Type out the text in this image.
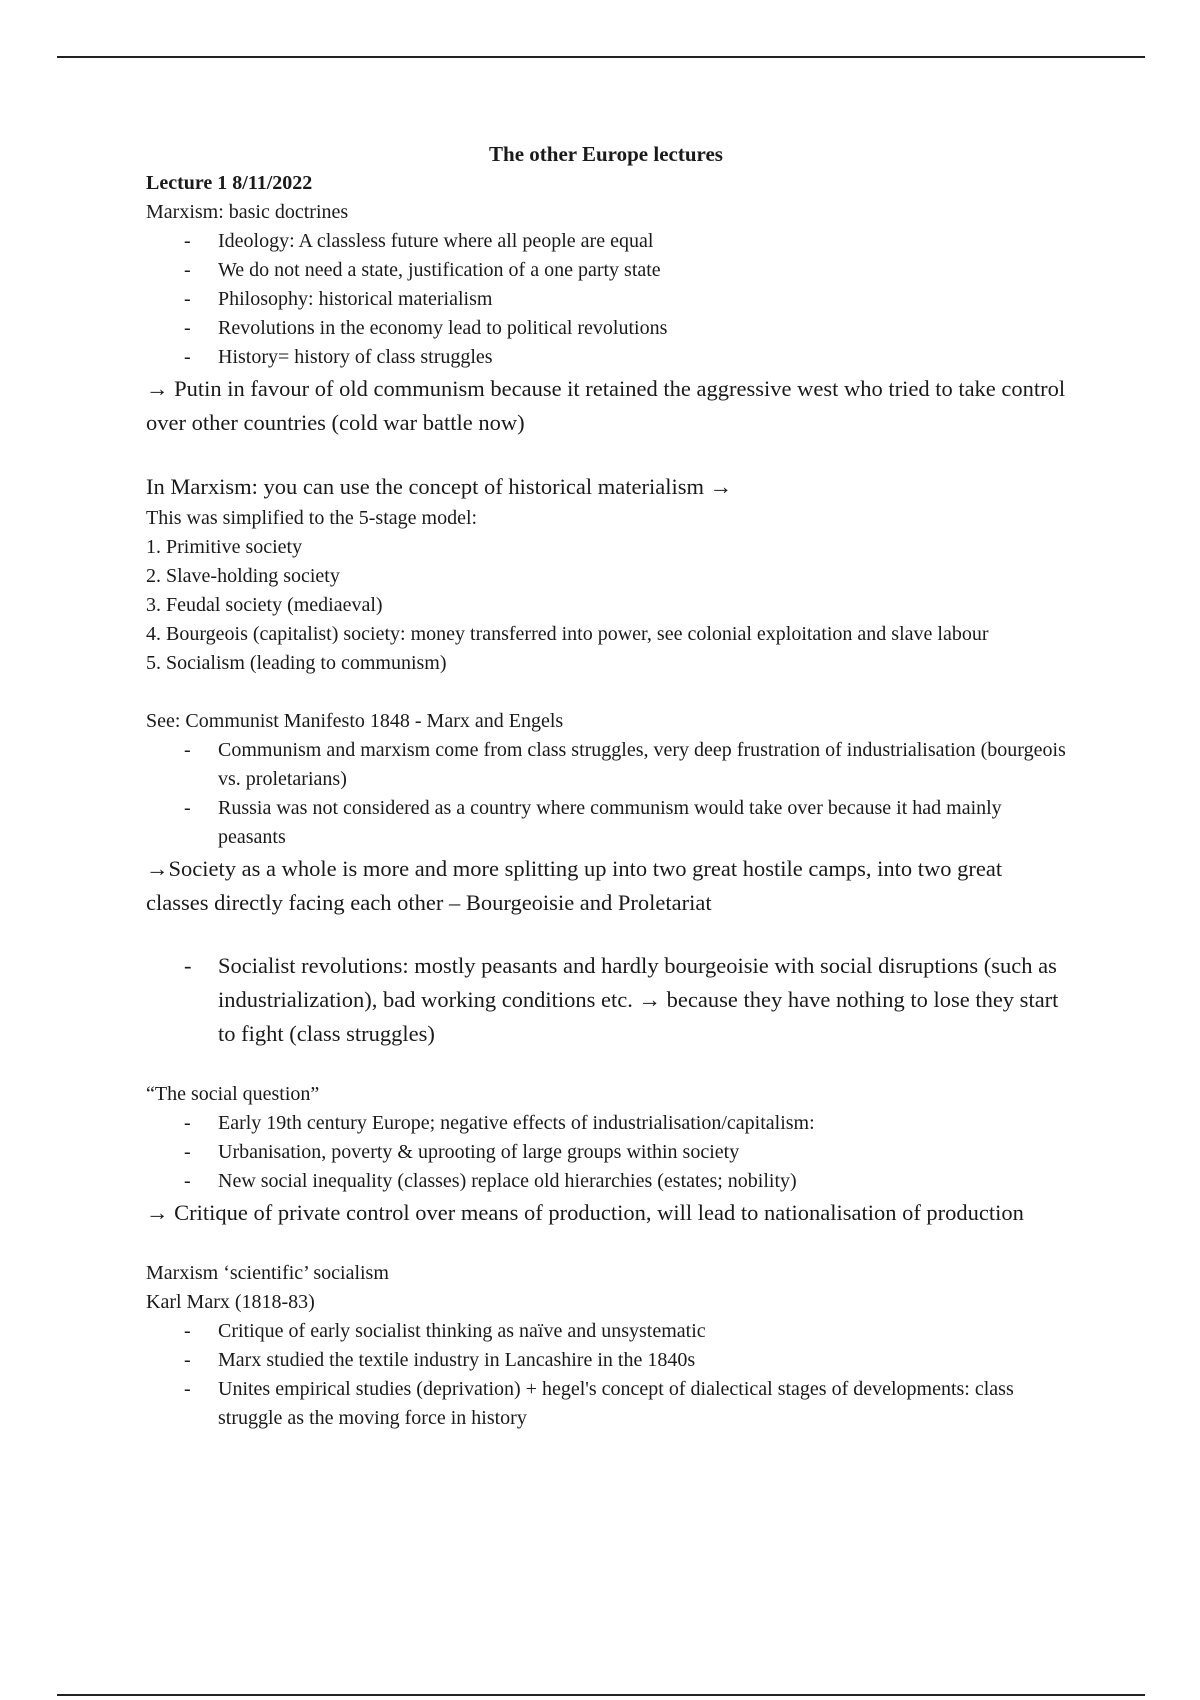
The other Europe lectures

Lecture 1 8/11/2022

Marxism: basic doctrines

- Ideology: A classless future where all people are equal
- We do not need a state, justification of a one party state
- Philosophy: historical materialism
- Revolutions in the economy lead to political revolutions
- History= history of class struggles

→ Putin in favour of old communism because it retained the aggressive west who tried to take control over other countries (cold war battle now)

In Marxism: you can use the concept of historical materialism →

This was simplified to the 5-stage model:

1. Primitive society
2. Slave-holding society
3. Feudal society (mediaeval)
4. Bourgeois (capitalist) society: money transferred into power, see colonial exploitation and slave labour
5. Socialism (leading to communism)

See: Communist Manifesto 1848 - Marx and Engels

- Communism and marxism come from class struggles, very deep frustration of industrialisation (bourgeois vs. proletarians)
- Russia was not considered as a country where communism would take over because it had mainly peasants

→Society as a whole is more and more splitting up into two great hostile camps, into two great classes directly facing each other – Bourgeoisie and Proletariat

- Socialist revolutions: mostly peasants and hardly bourgeoisie with social disruptions (such as industrialization), bad working conditions etc. → because they have nothing to lose they start to fight (class struggles)

“The social question”

- Early 19th century Europe; negative effects of industrialisation/capitalism:
- Urbanisation, poverty & uprooting of large groups within society
- New social inequality (classes) replace old hierarchies (estates; nobility)

→ Critique of private control over means of production, will lead to nationalisation of production

Marxism ‘scientific’ socialism

Karl Marx (1818-83)

- Critique of early socialist thinking as naïve and unsystematic
- Marx studied the textile industry in Lancashire in the 1840s
- Unites empirical studies (deprivation) + hegel's concept of dialectical stages of developments: class struggle as the moving force in history
